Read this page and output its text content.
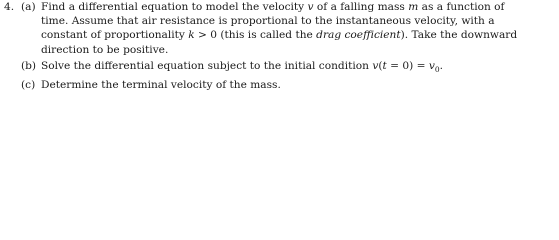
4. (a) Find a differential equation to model the velocity v of a falling mass m as a function of
time. Assume that air resistance is proportional to the instantaneous velocity, with a
constant of proportionality k > 0 (this is called the drag coefficient). Take the downward
direction to be positive.
(b) Solve the differential equation subject to the initial condition $v(t = 0) = v_0$.
(c) Determine the terminal velocity of the mass.
